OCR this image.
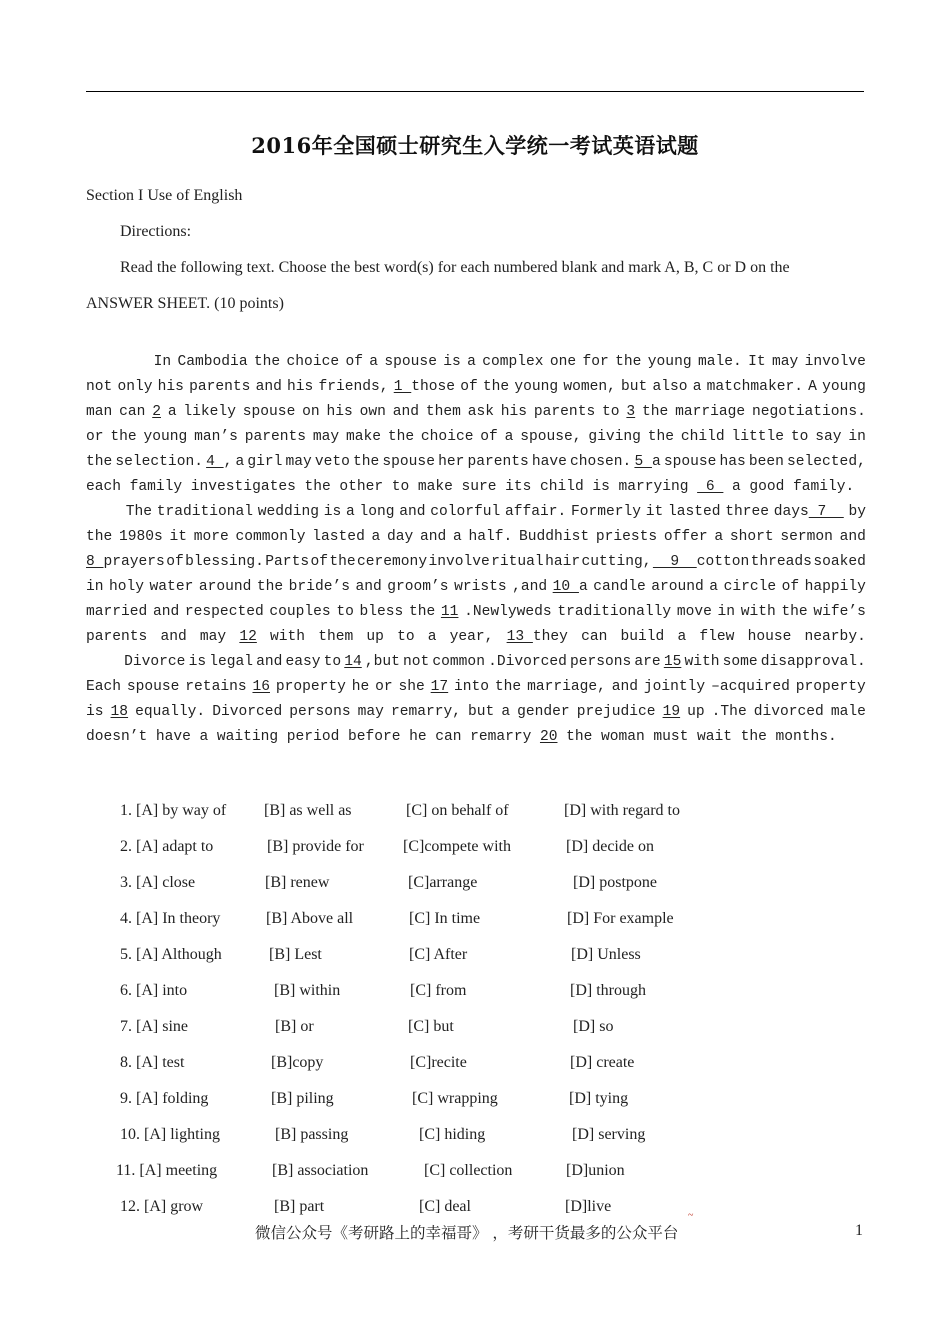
2016年全国硕士研究生入学统一考试英语试题
Section I Use of English
Directions:
Read the following text. Choose the best word(s) for each numbered blank and mark A, B, C or D on the
ANSWER SHEET. (10 points)

In Cambodia the choice of a spouse is a complex one for the young male. It may involve
not only his parents and his friends, 1 those of the young women, but also a matchmaker. A young
man can 2 a likely spouse on his own and them ask his parents to 3 the marriage negotiations.
or the young man’s parents may make the choice of a spouse, giving the child little to say in
the selection. 4 , a girl may veto the spouse her parents have chosen. 5 a spouse has been selected,
each family investigates the other to make sure its child is marrying 6 a good family.

The traditional wedding is a long and colorful affair. Formerly it lasted three days 7 by
the 1980s it more commonly lasted a day and a half. Buddhist priests offer a short sermon and
8 prayers of blessing. Parts of the ceremony involve ritual hair cutting, 9  cotton threads soaked
in holy water around the bride’s and groom’s wrists ,and 10 a candle around a circle of happily
married and respected couples to bless the 11 .Newlyweds traditionally move in with the wife’s
parents and may 12 with them up to a year, 13 they can build a flew house nearby.

Divorce is legal and easy to 14 ,but not common .Divorced persons are 15 with some disapproval.
Each spouse retains 16 property he or she 17 into the marriage, and jointly –acquired property
is 18 equally. Divorced persons may remarry, but a gender prejudice 19 up .The divorced male
doesn’t have a waiting period before he can remarry 20 the woman must wait the months.
1. [A] by way of [B] as well as	[C] on behalf of	[D] with regard to
2. [A] adapt to	[B] provide for [C]compete with	[D] decide on
3. [A] close	[B] renew	[C]arrange	[D] postpone
4. [A] In theory	[B] Above all	[C] In time	[D] For example
5. [A] Although	[B] Lest	[C] After	[D] Unless
6. [A] into	[B] within	[C] from	[D] through
7. [A] sine	[B] or	[C] but	[D] so
8. [A] test	[B]copy	[C]recite	[D] create
9. [A] folding	[B] piling	[C] wrapping	[D] tying
10. [A] lighting	[B] passing	[C] hiding	[D] serving
11. [A] meeting	[B] association	[C] collection	[D]union
12. [A] grow	[B] part	[C] deal	[D]live
微信公众号《考研路上的幸福哥》 ，考研干货最多的公众平台	1
~
